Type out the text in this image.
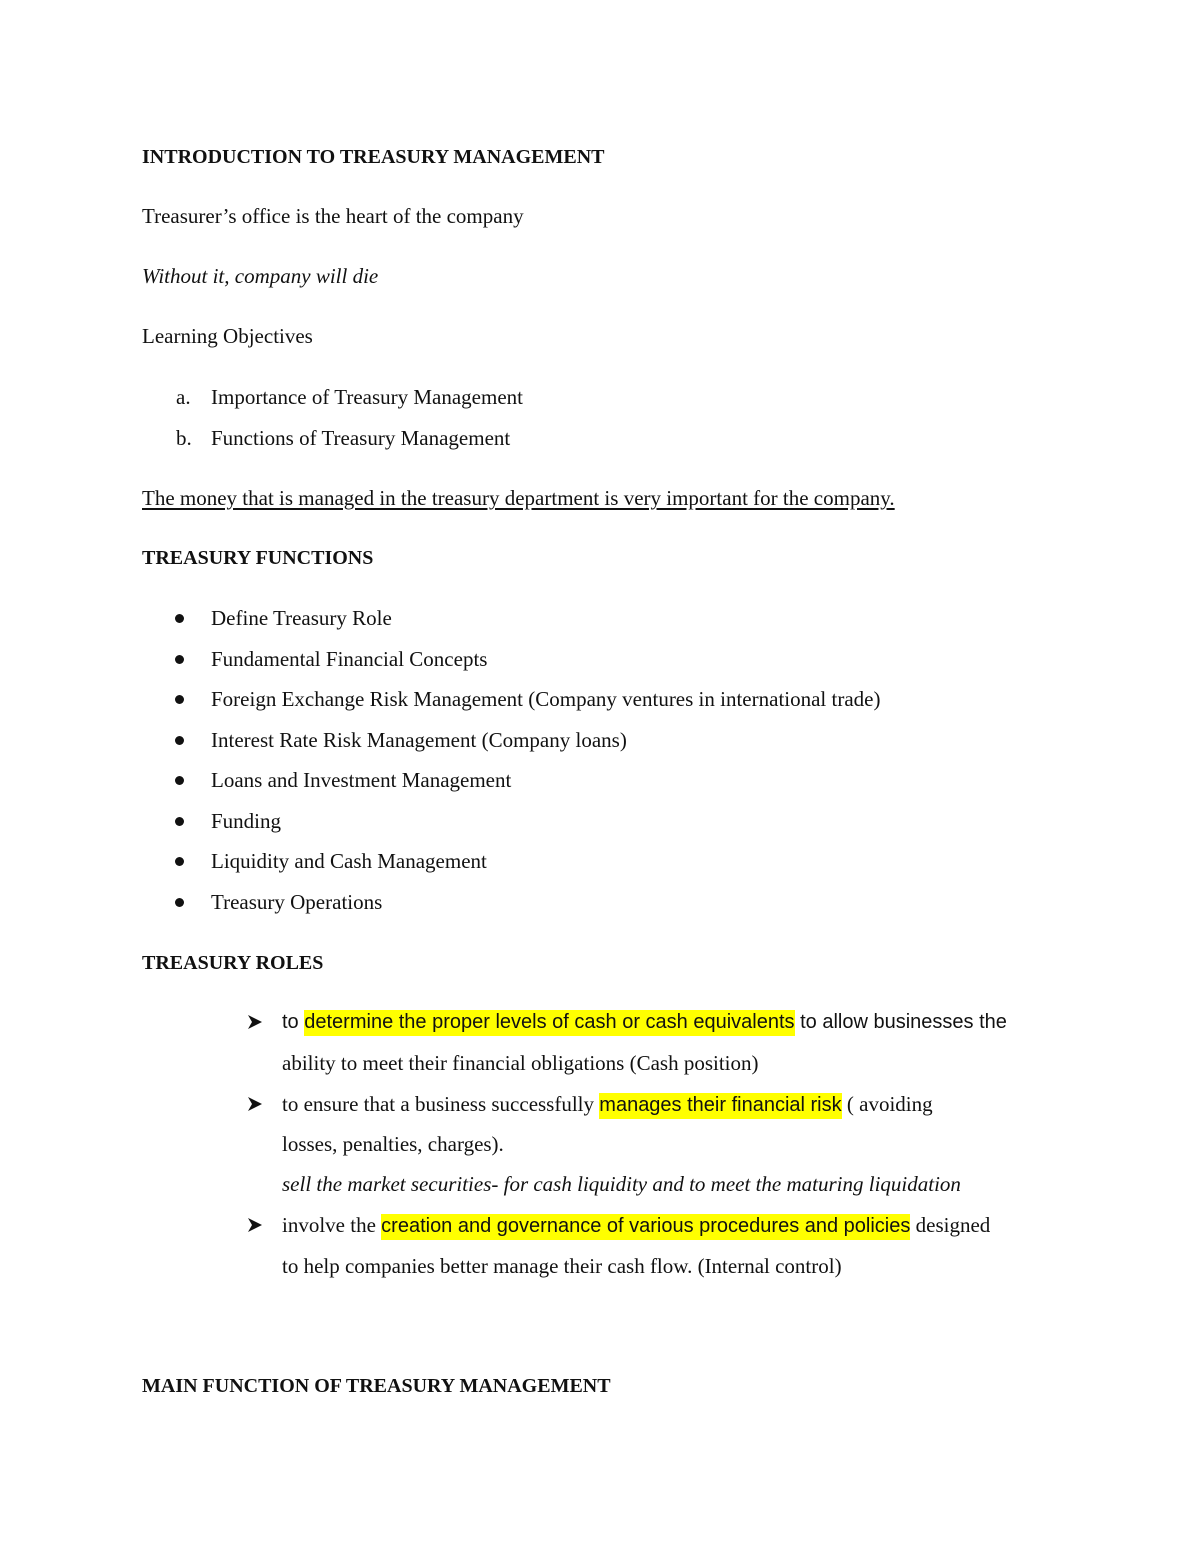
INTRODUCTION TO TREASURY MANAGEMENT
Treasurer’s office is the heart of the company
Without it, company will die
Learning Objectives
a. Importance of Treasury Management
b. Functions of Treasury Management
The money that is managed in the treasury department is very important for the company.
TREASURY FUNCTIONS
Define Treasury Role
Fundamental Financial Concepts
Foreign Exchange Risk Management (Company ventures in international trade)
Interest Rate Risk Management (Company loans)
Loans and Investment Management
Funding
Liquidity and Cash Management
Treasury Operations
TREASURY ROLES
to determine the proper levels of cash or cash equivalents to allow businesses the
ability to meet their financial obligations (Cash position)
to ensure that a business successfully manages their financial risk ( avoiding
losses, penalties, charges).
sell the market securities- for cash liquidity and to meet the maturing liquidation
involve the creation and governance of various procedures and policies designed
to help companies better manage their cash flow. (Internal control)
MAIN FUNCTION OF TREASURY MANAGEMENT
